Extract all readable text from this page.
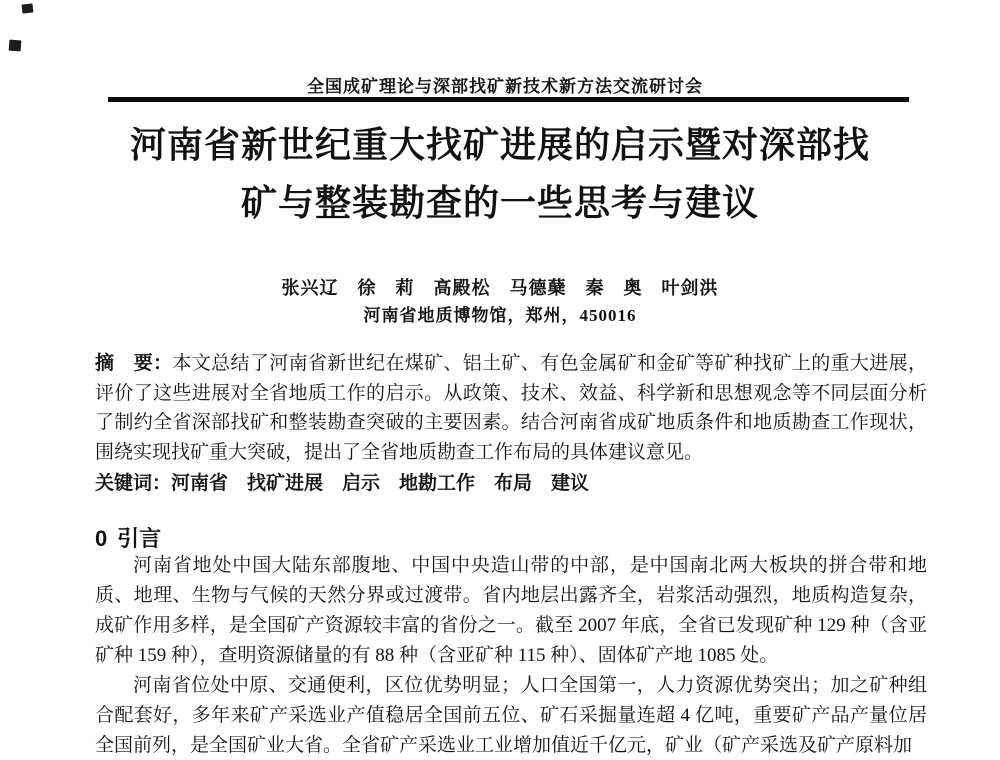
全国成矿理论与深部找矿新技术新方法交流研讨会
河南省新世纪重大找矿进展的启示暨对深部找
矿与整装勘查的一些思考与建议
张兴辽　徐　莉　高殿松　马德蘖　秦　奥　叶剑洪
河南省地质博物馆，郑州，450016

摘　要：本文总结了河南省新世纪在煤矿、铝土矿、有色金属矿和金矿等矿种找矿上的重大进展，评价了这些进展对全省地质工作的启示。从政策、技术、效益、科学新和思想观念等不同层面分析了制约全省深部找矿和整装勘查突破的主要因素。结合河南省成矿地质条件和地质勘查工作现状，围绕实现找矿重大突破，提出了全省地质勘查工作布局的具体建议意见。

关键词：河南省　找矿进展　启示　地勘工作　布局　建议

0 引言

河南省地处中国大陆东部腹地、中国中央造山带的中部，是中国南北两大板块的拼合带和地质、地理、生物与气候的天然分界或过渡带。省内地层出露齐全，岩浆活动强烈，地质构造复杂，成矿作用多样，是全国矿产资源较丰富的省份之一。截至 2007 年底，全省已发现矿种 129 种（含亚矿种 159 种），查明资源储量的有 88 种（含亚矿种 115 种）、固体矿产地 1085 处。

河南省位处中原、交通便利，区位优势明显；人口全国第一，人力资源优势突出；加之矿种组合配套好，多年来矿产采选业产值稳居全国前五位、矿石采掘量连超 4 亿吨，重要矿产品产量位居全国前列，是全国矿业大省。全省矿产采选业工业增加值近千亿元，矿业（矿产采选及矿产原料加
